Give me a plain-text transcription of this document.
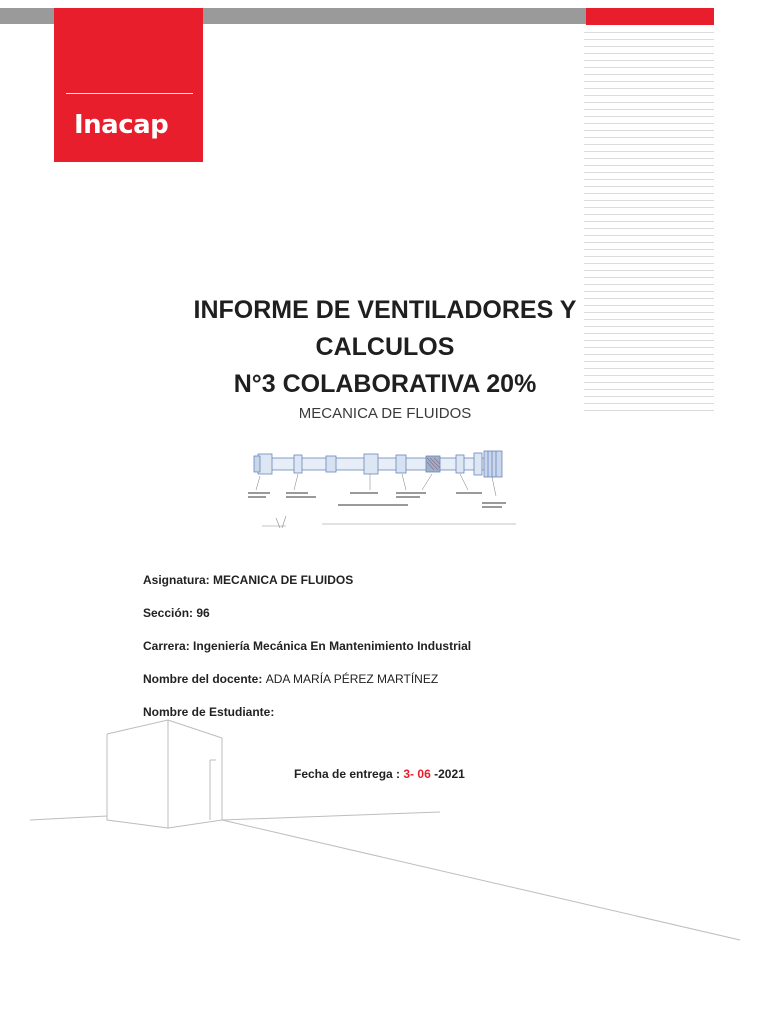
Inacap
INFORME DE VENTILADORES Y
CALCULOS
N°3 COLABORATIVA 20%
MECANICA DE FLUIDOS
Asignatura: MECANICA DE FLUIDOS
Sección: 96
Carrera: Ingeniería Mecánica En Mantenimiento Industrial
Nombre del docente: ADA MARÍA PÉREZ MARTÍNEZ
Nombre de Estudiante:
Fecha de entrega : 3- 06 -2021
